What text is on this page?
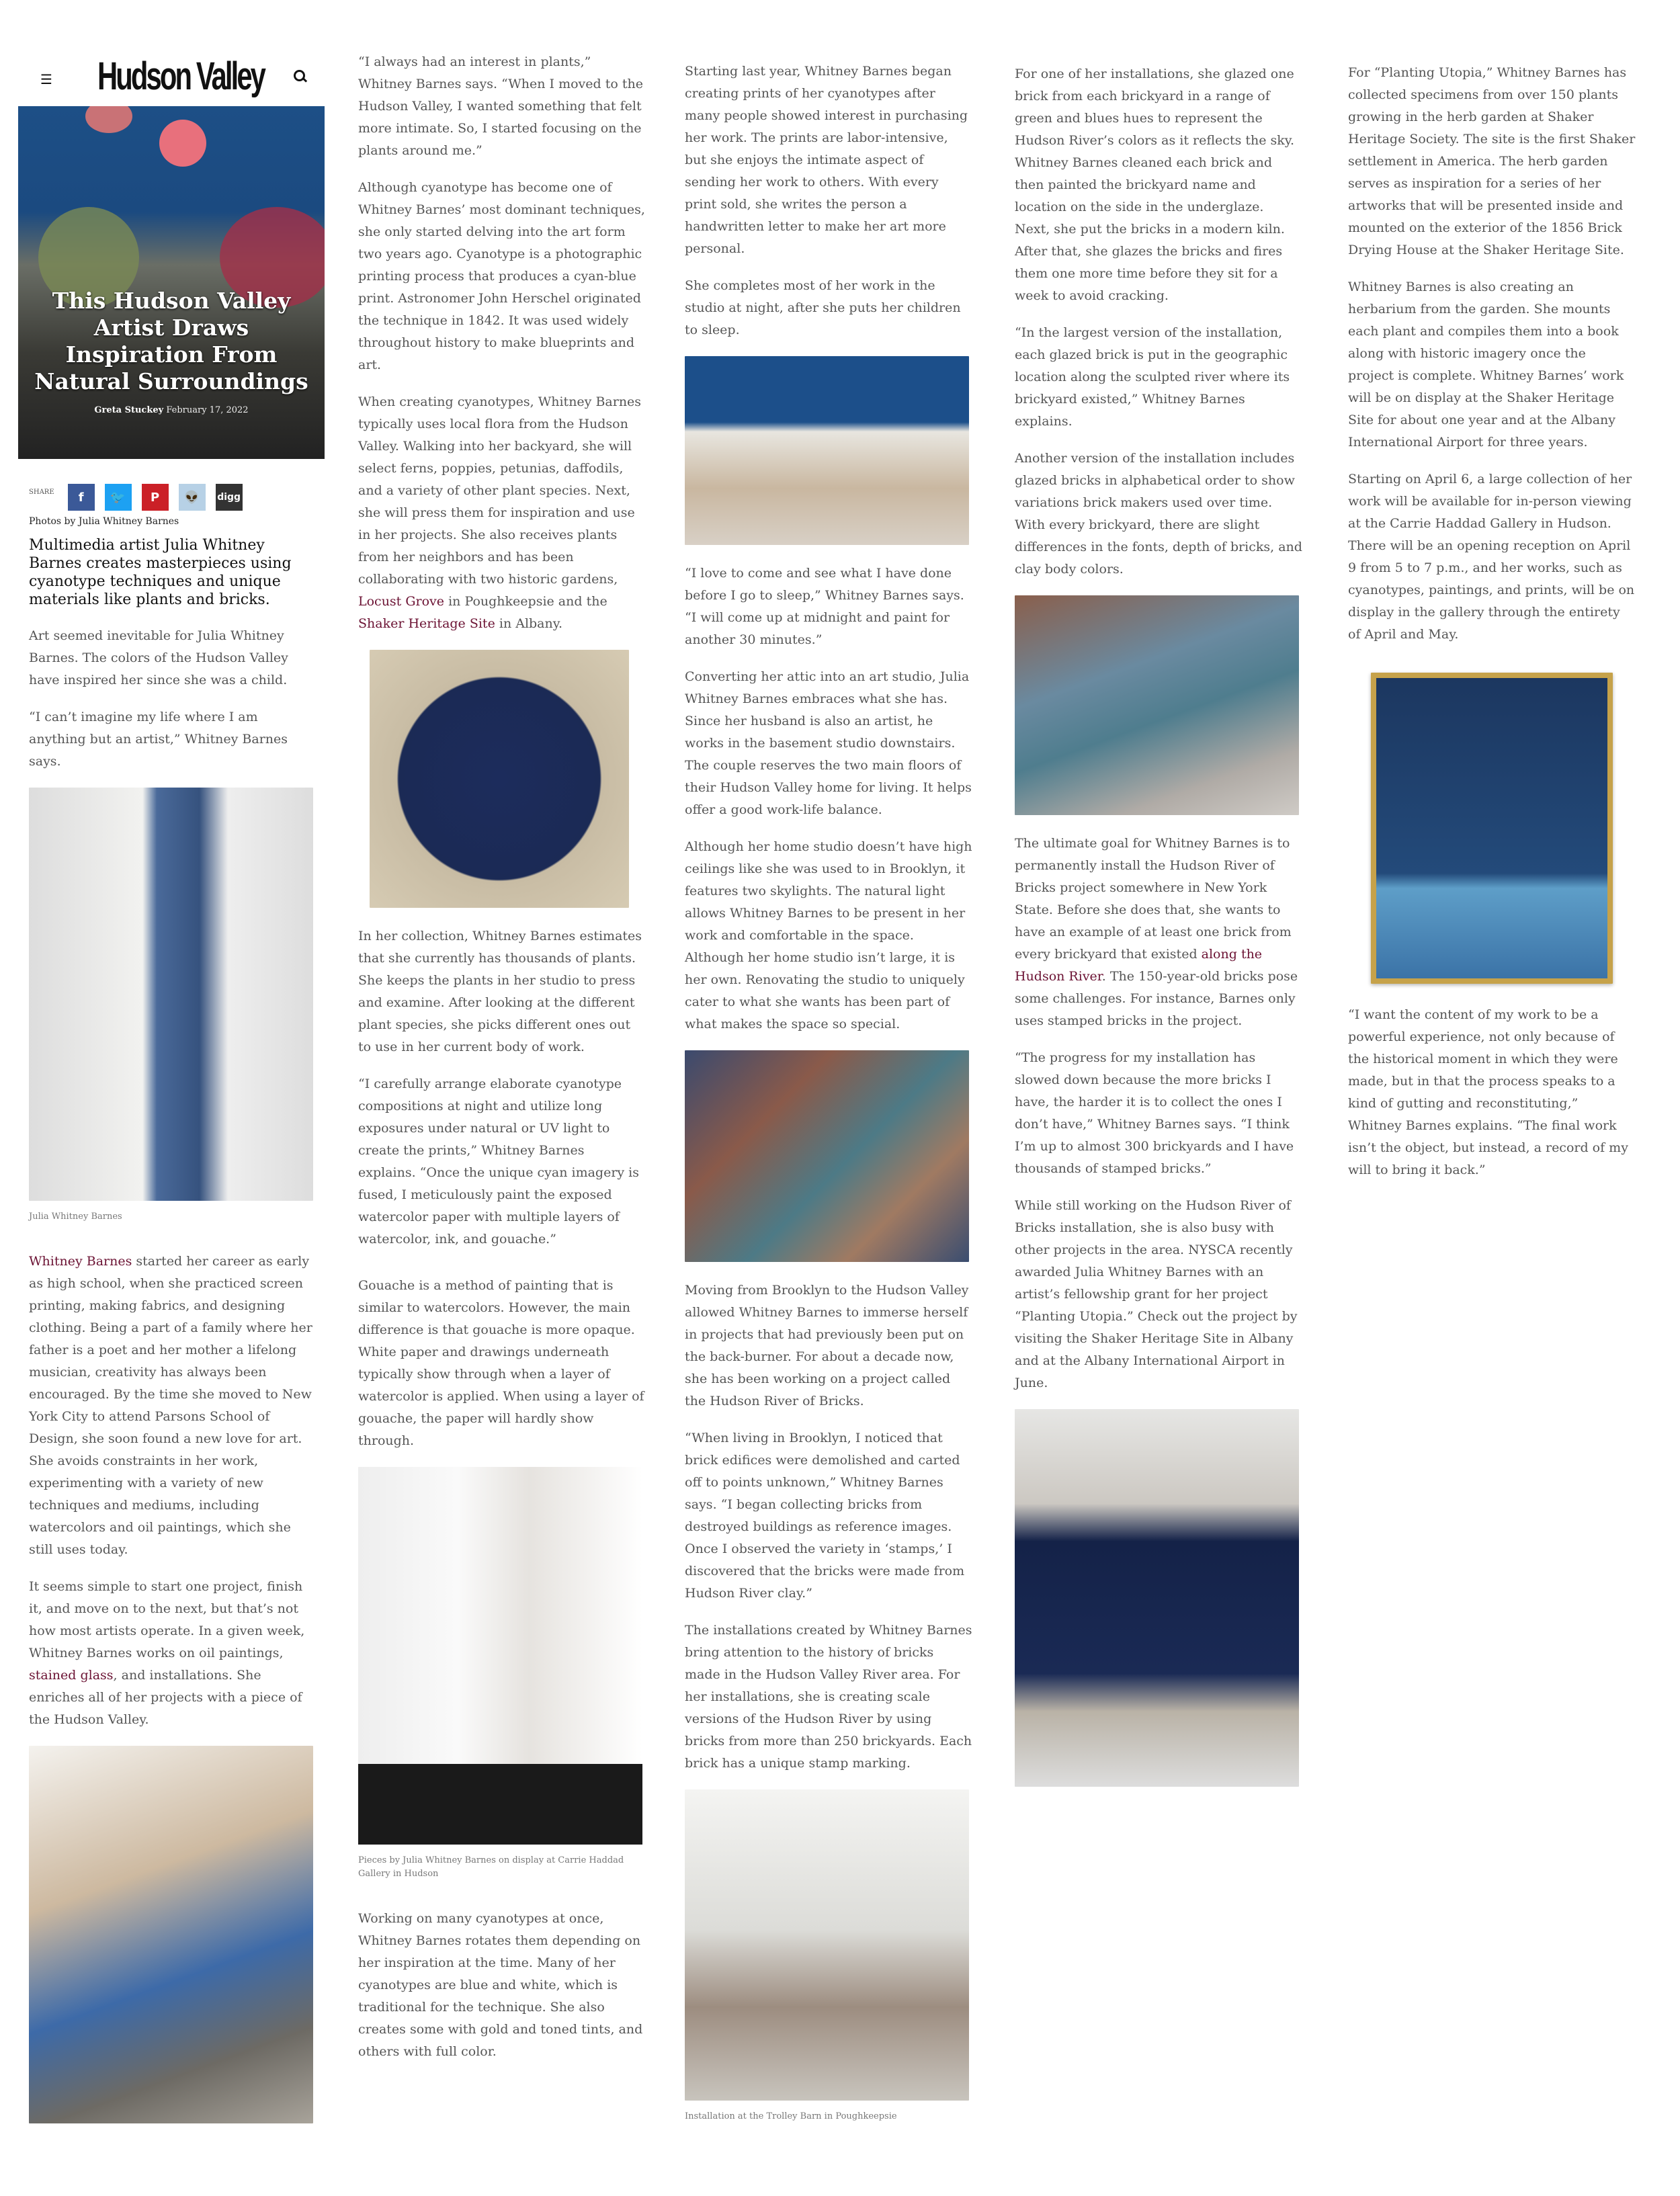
☰ Hudson Valley
This Hudson Valley Artist Draws Inspiration From Natural Surroundings
Greta Stuckey February 17, 2022
SHARE f 🐦 P 👽 digg
Photos by Julia Whitney Barnes
Multimedia artist Julia Whitney Barnes creates masterpieces using cyanotype techniques and unique materials like plants and bricks.

Art seemed inevitable for Julia Whitney Barnes. The colors of the Hudson Valley have inspired her since she was a child.

“I can’t imagine my life where I am anything but an artist,” Whitney Barnes says.

Julia Whitney Barnes

Whitney Barnes started her career as early as high school, when she practiced screen printing, making fabrics, and designing clothing. Being a part of a family where her father is a poet and her mother a lifelong musician, creativity has always been encouraged. By the time she moved to New York City to attend Parsons School of Design, she soon found a new love for art. She avoids constraints in her work, experimenting with a variety of new techniques and mediums, including watercolors and oil paintings, which she still uses today.

It seems simple to start one project, finish it, and move on to the next, but that’s not how most artists operate. In a given week, Whitney Barnes works on oil paintings, stained glass, and installations. She enriches all of her projects with a piece of the Hudson Valley.

“I always had an interest in plants,” Whitney Barnes says. “When I moved to the Hudson Valley, I wanted something that felt more intimate. So, I started focusing on the plants around me.”

Although cyanotype has become one of Whitney Barnes’ most dominant techniques, she only started delving into the art form two years ago. Cyanotype is a photographic printing process that produces a cyan-blue print. Astronomer John Herschel originated the technique in 1842. It was used widely throughout history to make blueprints and art.

When creating cyanotypes, Whitney Barnes typically uses local flora from the Hudson Valley. Walking into her backyard, she will select ferns, poppies, petunias, daffodils, and a variety of other plant species. Next, she will press them for inspiration and use in her projects. She also receives plants from her neighbors and has been collaborating with two historic gardens, Locust Grove in Poughkeepsie and the Shaker Heritage Site in Albany.

In her collection, Whitney Barnes estimates that she currently has thousands of plants. She keeps the plants in her studio to press and examine. After looking at the different plant species, she picks different ones out to use in her current body of work.

“I carefully arrange elaborate cyanotype compositions at night and utilize long exposures under natural or UV light to create the prints,” Whitney Barnes explains. “Once the unique cyan imagery is fused, I meticulously paint the exposed watercolor paper with multiple layers of watercolor, ink, and gouache.”

Gouache is a method of painting that is similar to watercolors. However, the main difference is that gouache is more opaque. White paper and drawings underneath typically show through when a layer of watercolor is applied. When using a layer of gouache, the paper will hardly show through.

Pieces by Julia Whitney Barnes on display at Carrie Haddad Gallery in Hudson

Working on many cyanotypes at once, Whitney Barnes rotates them depending on her inspiration at the time. Many of her cyanotypes are blue and white, which is traditional for the technique. She also creates some with gold and toned tints, and others with full color.

Starting last year, Whitney Barnes began creating prints of her cyanotypes after many people showed interest in purchasing her work. The prints are labor-intensive, but she enjoys the intimate aspect of sending her work to others. With every print sold, she writes the person a handwritten letter to make her art more personal.

She completes most of her work in the studio at night, after she puts her children to sleep.

“I love to come and see what I have done before I go to sleep,” Whitney Barnes says. “I will come up at midnight and paint for another 30 minutes.”

Converting her attic into an art studio, Julia Whitney Barnes embraces what she has. Since her husband is also an artist, he works in the basement studio downstairs. The couple reserves the two main floors of their Hudson Valley home for living. It helps offer a good work-life balance.

Although her home studio doesn’t have high ceilings like she was used to in Brooklyn, it features two skylights. The natural light allows Whitney Barnes to be present in her work and comfortable in the space. Although her home studio isn’t large, it is her own. Renovating the studio to uniquely cater to what she wants has been part of what makes the space so special.

Moving from Brooklyn to the Hudson Valley allowed Whitney Barnes to immerse herself in projects that had previously been put on the back-burner. For about a decade now, she has been working on a project called the Hudson River of Bricks.

“When living in Brooklyn, I noticed that brick edifices were demolished and carted off to points unknown,” Whitney Barnes says. “I began collecting bricks from destroyed buildings as reference images. Once I observed the variety in ‘stamps,’ I discovered that the bricks were made from Hudson River clay.”

The installations created by Whitney Barnes bring attention to the history of bricks made in the Hudson Valley River area. For her installations, she is creating scale versions of the Hudson River by using bricks from more than 250 brickyards. Each brick has a unique stamp marking.

Installation at the Trolley Barn in Poughkeepsie

For one of her installations, she glazed one brick from each brickyard in a range of green and blues hues to represent the Hudson River’s colors as it reflects the sky. Whitney Barnes cleaned each brick and then painted the brickyard name and location on the side in the underglaze. Next, she put the bricks in a modern kiln. After that, she glazes the bricks and fires them one more time before they sit for a week to avoid cracking.

“In the largest version of the installation, each glazed brick is put in the geographic location along the sculpted river where its brickyard existed,” Whitney Barnes explains.

Another version of the installation includes glazed bricks in alphabetical order to show variations brick makers used over time. With every brickyard, there are slight differences in the fonts, depth of bricks, and clay body colors.

The ultimate goal for Whitney Barnes is to permanently install the Hudson River of Bricks project somewhere in New York State. Before she does that, she wants to have an example of at least one brick from every brickyard that existed along the Hudson River. The 150-year-old bricks pose some challenges. For instance, Barnes only uses stamped bricks in the project.

“The progress for my installation has slowed down because the more bricks I have, the harder it is to collect the ones I don’t have,” Whitney Barnes says. “I think I’m up to almost 300 brickyards and I have thousands of stamped bricks.”

While still working on the Hudson River of Bricks installation, she is also busy with other projects in the area. NYSCA recently awarded Julia Whitney Barnes with an artist’s fellowship grant for her project “Planting Utopia.” Check out the project by visiting the Shaker Heritage Site in Albany and at the Albany International Airport in June.

For “Planting Utopia,” Whitney Barnes has collected specimens from over 150 plants growing in the herb garden at Shaker Heritage Society. The site is the first Shaker settlement in America. The herb garden serves as inspiration for a series of her artworks that will be presented inside and mounted on the exterior of the 1856 Brick Drying House at the Shaker Heritage Site.

Whitney Barnes is also creating an herbarium from the garden. She mounts each plant and compiles them into a book along with historic imagery once the project is complete. Whitney Barnes’ work will be on display at the Shaker Heritage Site for about one year and at the Albany International Airport for three years.

Starting on April 6, a large collection of her work will be available for in-person viewing at the Carrie Haddad Gallery in Hudson. There will be an opening reception on April 9 from 5 to 7 p.m., and her works, such as cyanotypes, paintings, and prints, will be on display in the gallery through the entirety of April and May.

“I want the content of my work to be a powerful experience, not only because of the historical moment in which they were made, but in that the process speaks to a kind of gutting and reconstituting,” Whitney Barnes explains. “The final work isn’t the object, but instead, a record of my will to bring it back.”
